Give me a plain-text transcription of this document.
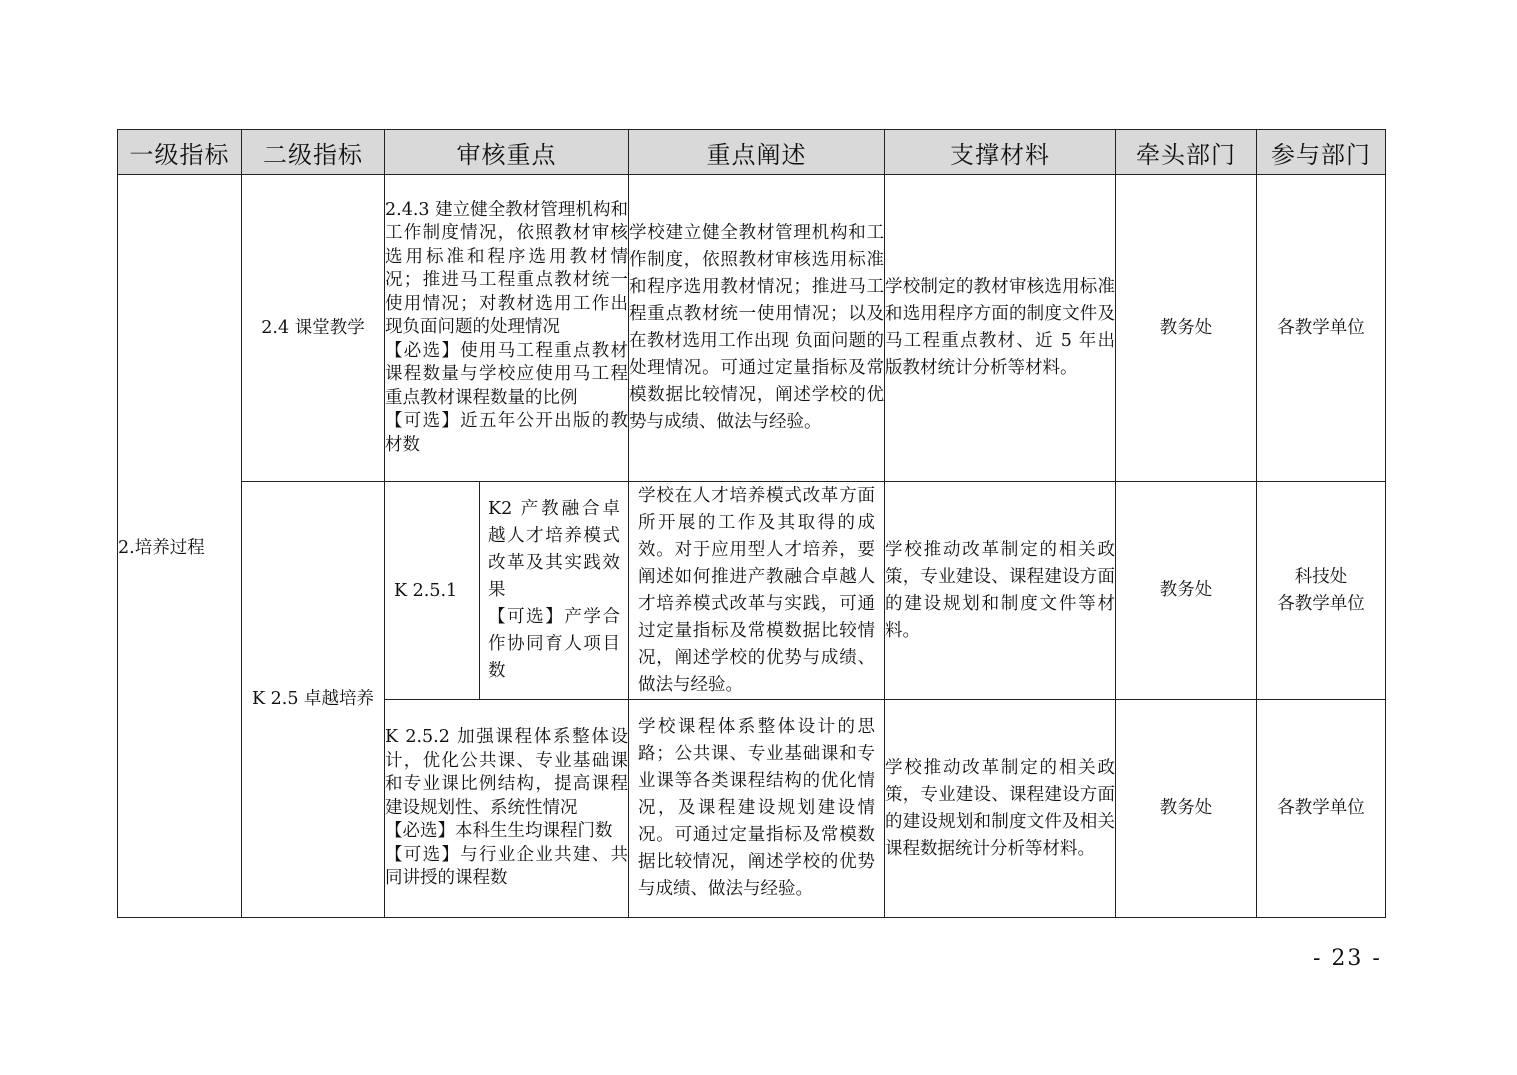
一级指标	二级指标	审核重点		重点阐述	支撑材料	牵头部门	参与部门
2.培养过程	2.4 课堂教学	2.4.3 建立健全教材管理机构和工作制度情况，依照教材审核选用标准和程序选用教材情况；推进马工程重点教材统一使用情况；对教材选用工作出现负面问题的处理情况
【必选】使用马工程重点教材课程数量与学校应使用马工程重点教材课程数量的比例
【可选】近五年公开出版的教材数		学校建立健全教材管理机构和工作制度，依照教材审核选用标准和程序选用教材情况；推进马工程重点教材统一使用情况；以及在教材选用工作出现 负面问题的处理情况。可通过定量指标及常模数据比较情况，阐述学校的优势与成绩、做法与经验。	学校制定的教材审核选用标准和选用程序方面的制度文件及马工程重点教材、近 5 年出版教材统计分析等材料。	教务处	各教学单位
	K 2.5 卓越培养	K 2.5.1	K2 产教融合卓越人才培养模式改革及其实践效果
【可选】产学合作协同育人项目数	学校在人才培养模式改革方面所开展的工作及其取得的成效。对于应用型人才培养，要阐述如何推进产教融合卓越人才培养模式改革与实践，可通过定量指标及常模数据比较情况，阐述学校的优势与成绩、做法与经验。	学校推动改革制定的相关政策，专业建设、课程建设方面的建设规划和制度文件等材料。	教务处	科技处
各教学单位

		K 2.5.2 加强课程体系整体设计，优化公共课、专业基础课和专业课比例结构，提高课程建设规划性、系统性情况
【必选】本科生生均课程门数
【可选】与行业企业共建、共同讲授的课程数		学校课程体系整体设计的思路；公共课、专业基础课和专业课等各类课程结构的优化情况，及课程建设规划建设情况。可通过定量指标及常模数据比较情况，阐述学校的优势与成绩、做法与经验。	学校推动改革制定的相关政策，专业建设、课程建设方面的建设规划和制度文件及相关课程数据统计分析等材料。	教务处	各教学单位
- 23 -
